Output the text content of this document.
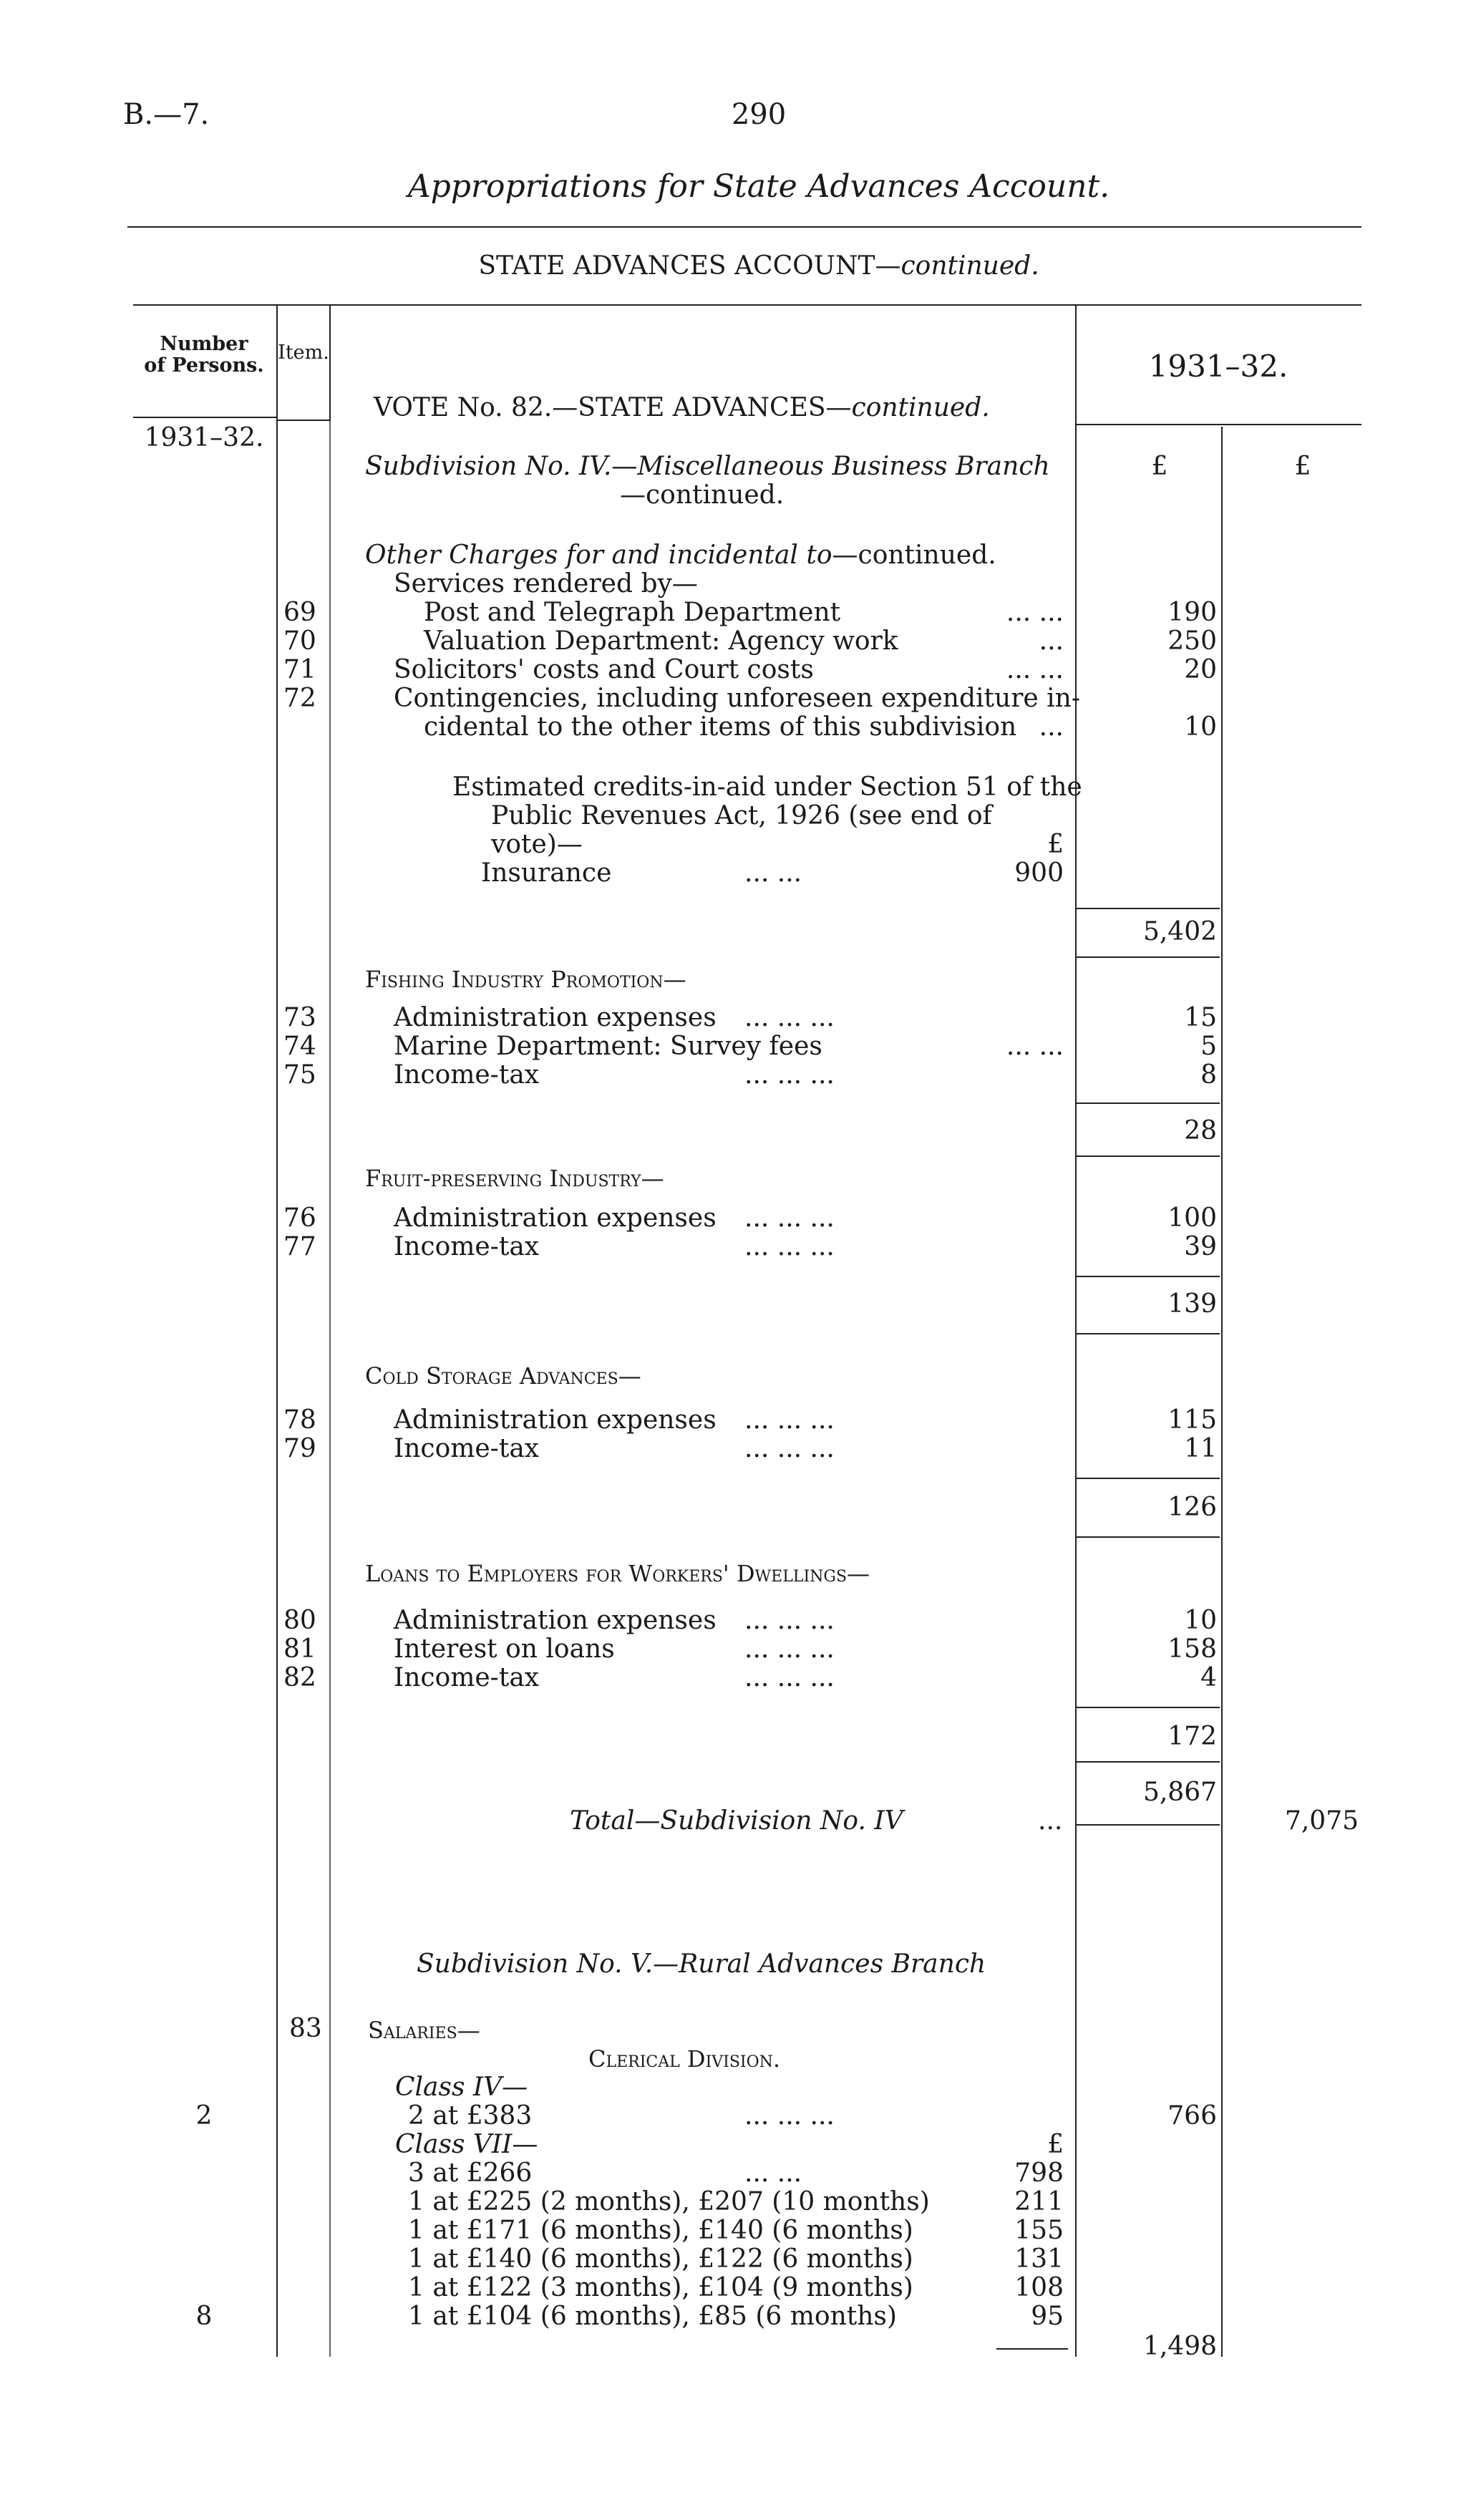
B.—7.	290
Appropriations for State Advances Account.
STATE ADVANCES ACCOUNT—continued.
Number
of Persons.
Item.	1931–32.
1931–32.
VOTE No. 82.—STATE ADVANCES—continued.
£	£
Subdivision No. IV.—Miscellaneous Business Branch
—continued.
Other Charges for and incidental to—continued.
Services rendered by—
69	Post and Telegraph Department	... ...	190
70	Valuation Department: Agency work	...	250
71	Solicitors' costs and Court costs	... ...	20
72	Contingencies, including unforeseen expenditure in-
cidental to the other items of this subdivision ...	10
Estimated credits-in-aid under Section 51 of the
Public Revenues Act, 1926 (see end of
vote)—	£
Insurance	... ...	900
5,402
Fishing Industry Promotion—
73	Administration expenses ... ... ...	15
74	Marine Department: Survey fees	... ...	5
75	Income-tax	... ... ...	8
28
Fruit-preserving Industry—
76	Administration expenses ... ... ...	100
77	Income-tax	... ... ...	39
139
Cold Storage Advances—
78	Administration expenses ... ... ...	115
79	Income-tax	... ... ...	11
126
Loans to Employers for Workers' Dwellings—
80	Administration expenses ... ... ...	10
81	Interest on loans	... ... ...	158
82	Income-tax	... ... ...	4
172
5,867
Total—Subdivision No. IV	...	7,075
Subdivision No. V.—Rural Advances Branch
83 Salaries—
Clerical Division.
Class IV—
2	2 at £383	... ... ...	766
Class VII—	£
3 at £266	... ...	798
1 at £225 (2 months), £207 (10 months)	211
1 at £171 (6 months), £140 (6 months)	155
1 at £140 (6 months), £122 (6 months)	131
1 at £122 (3 months), £104 (9 months)	108
8	1 at £104 (6 months), £85 (6 months)	95
1,498
